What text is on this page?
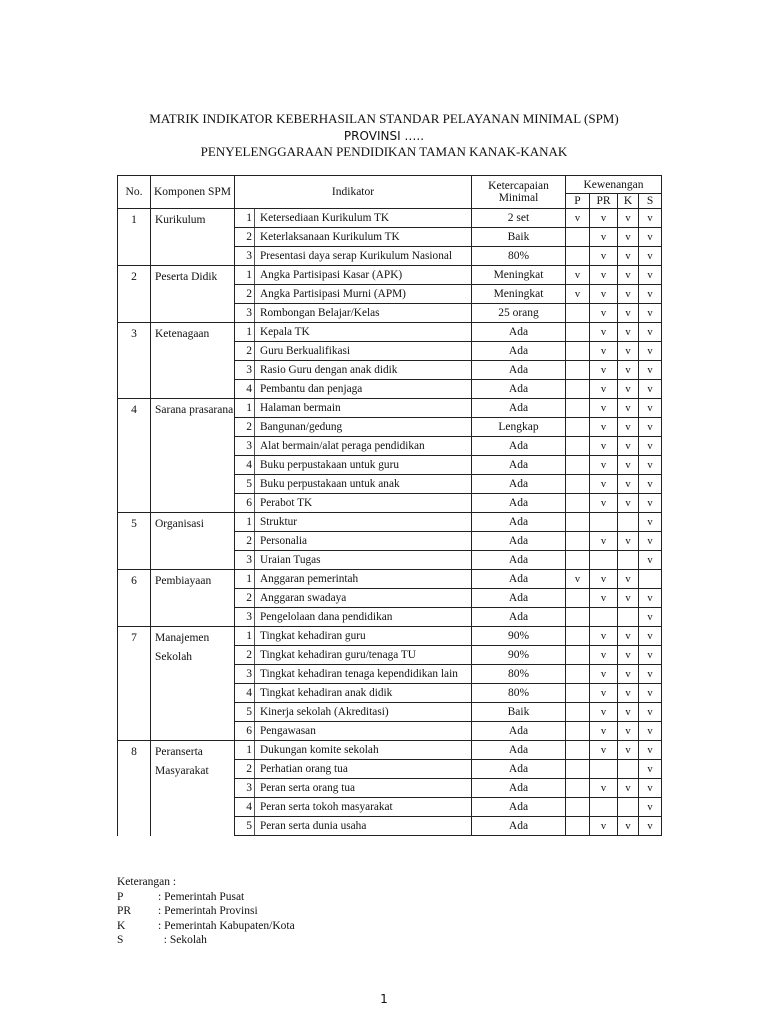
MATRIK INDIKATOR KEBERHASILAN STANDAR PELAYANAN MINIMAL (SPM)
PROVINSI …..
PENYELENGGARAAN PENDIDIKAN TAMAN KANAK-KANAK
No.	Komponen SPM	Indikator		Ketercapaian Minimal	Kewenangan			
					P	PR	K	S
1	Kurikulum	1	Ketersediaan Kurikulum TK	2 set	v	v	v	v
		2	Keterlaksanaan Kurikulum TK	Baik		v	v	v
		3	Presentasi daya serap Kurikulum Nasional	80%		v	v	v
2	Peserta Didik	1	Angka Partisipasi Kasar (APK)	Meningkat	v	v	v	v
		2	Angka Partisipasi Murni (APM)	Meningkat	v	v	v	v
		3	Rombongan Belajar/Kelas	25 orang		v	v	v
3	Ketenagaan	1	Kepala TK	Ada		v	v	v
		2	Guru Berkualifikasi	Ada		v	v	v
		3	Rasio Guru dengan anak didik	Ada		v	v	v
		4	Pembantu dan penjaga	Ada		v	v	v
4	Sarana prasarana	1	Halaman bermain	Ada		v	v	v
		2	Bangunan/gedung	Lengkap		v	v	v
		3	Alat bermain/alat peraga pendidikan	Ada		v	v	v
		4	Buku perpustakaan untuk guru	Ada		v	v	v
		5	Buku perpustakaan untuk anak	Ada		v	v	v
		6	Perabot TK	Ada		v	v	v
5	Organisasi	1	Struktur	Ada				v
		2	Personalia	Ada		v	v	v
		3	Uraian Tugas	Ada				v
6	Pembiayaan	1	Anggaran pemerintah	Ada	v	v	v	
		2	Anggaran swadaya	Ada		v	v	v
		3	Pengelolaan dana pendidikan	Ada				v
7	Manajemen Sekolah	1	Tingkat kehadiran guru	90%		v	v	v
		2	Tingkat kehadiran guru/tenaga TU	90%		v	v	v
		3	Tingkat kehadiran tenaga kependidikan lain	80%		v	v	v
		4	Tingkat kehadiran anak didik	80%		v	v	v
		5	Kinerja sekolah (Akreditasi)	Baik		v	v	v
		6	Pengawasan	Ada		v	v	v
8	Peranserta Masyarakat	1	Dukungan komite sekolah	Ada		v	v	v
		2	Perhatian orang tua	Ada				v
		3	Peran serta orang tua	Ada		v	v	v
		4	Peran serta tokoh masyarakat	Ada				v
		5	Peran serta dunia usaha	Ada		v	v	v
Keterangan :
P	: Pemerintah Pusat
PR	: Pemerintah Provinsi
K	: Pemerintah Kabupaten/Kota
S	: Sekolah
1
